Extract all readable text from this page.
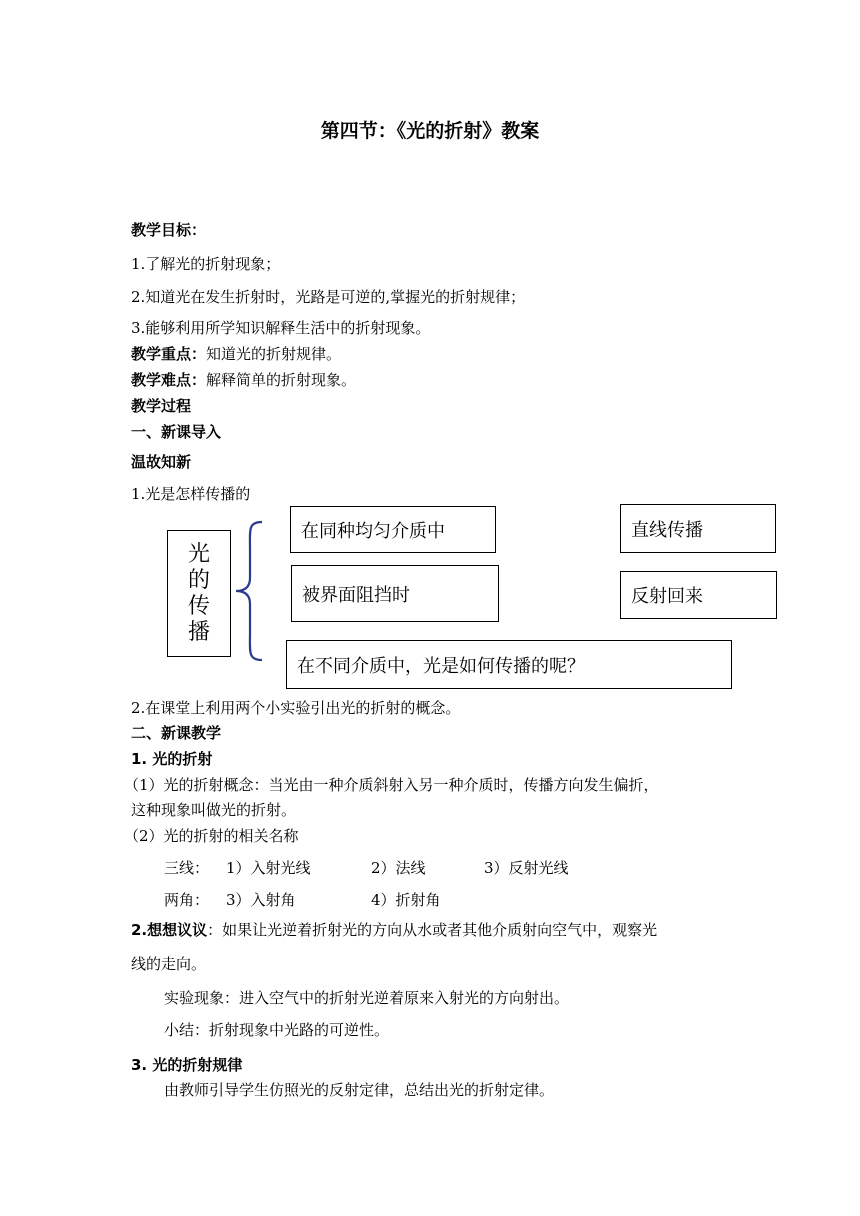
第四节：《光的折射》教案
教学目标：
1.了解光的折射现象；
2.知道光在发生折射时，光路是可逆的,掌握光的折射规律；
3.能够利用所学知识解释生活中的折射现象。
教学重点：知道光的折射规律。
教学难点：解释简单的折射现象。
教学过程
一、新课导入
温故知新
1.光是怎样传播的
光
的
传
播
在同种均匀介质中	直线传播
被界面阻挡时	反射回来
在不同介质中，光是如何传播的呢？
2.在课堂上利用两个小实验引出光的折射的概念。
二、新课教学
1. 光的折射
（1）光的折射概念：当光由一种介质斜射入另一种介质时，传播方向发生偏折，
这种现象叫做光的折射。
（2）光的折射的相关名称
三线： 1）入射光线	2）法线	3）反射光线
两角： 3）入射角	4）折射角
2.想想议议：如果让光逆着折射光的方向从水或者其他介质射向空气中，观察光
线的走向。
实验现象：进入空气中的折射光逆着原来入射光的方向射出。
小结：折射现象中光路的可逆性。
3. 光的折射规律
由教师引导学生仿照光的反射定律，总结出光的折射定律。
